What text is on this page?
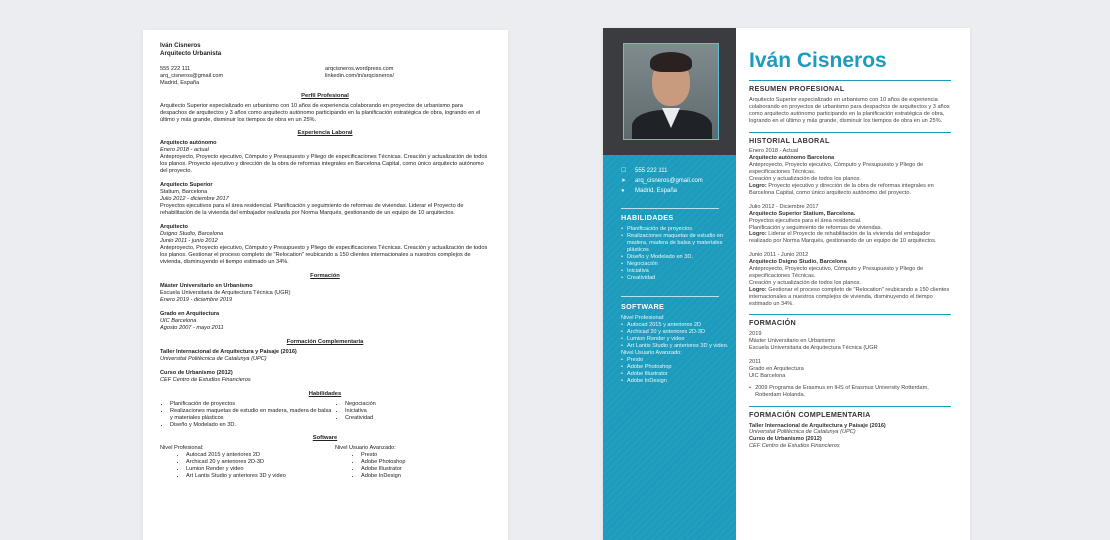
Iván Cisneros
Arquitecto Urbanista
555 222 111
arq_cisneros@gmail.com
Madrid, España
arqcisneros.wordpress.com
linkedin.com/in/arqcisneros/
Perfil Profesional
Arquitecto Superior especializado en urbanismo con 10 años de experiencia colaborando en proyectos de urbanismo para despachos de arquitectos y 3 años como arquitecto autónomo participando en la planificación estratégica de obra, logrando en el último y más grande, disminuir los tiempos de obra en un 25%.
Experiencia Laboral
Arquitecto autónomo
Enero 2018 - actual
Anteproyecto, Proyecto ejecutivo, Cómputo y Presupuesto y Pliego de especificaciones Técnicas. Creación y actualización de todos los planos. Proyecto ejecutivo y dirección de la obra de reformas integrales en Barcelona Capital, como único arquitecto autónomo del proyecto.
Arquitecto Superior
Statium, Barcelona
Julio 2012 - diciembre 2017
Proyectos ejecutivos para el área residencial. Planificación y seguimiento de reformas de viviendas. Liderar el Proyecto de rehabilitación de la vivienda del embajador realizada por Norma Marqués, gestionando de un equipo de 10 arquitectos.
Arquitecto
Dsigno Studio, Barcelona
Junio 2011 - junio 2012
Anteproyecto, Proyecto ejecutivo, Cómputo y Presupuesto y Pliego de especificaciones Técnicas. Creación y actualización de todos los planos. Gestionar el proceso completo de "Relocation" reubicando a 150 clientes internacionales a nuestros complejos de vivienda, disminuyendo el tiempo estimado un 34%.
Formación
Máster Universitario en Urbanismo
Escuela Universitaria de Arquitectura Técnica (UGR)
Enero 2019 - diciembre 2019
Grado en Arquitectura
UIC Barcelona
Agosto 2007 - mayo 2011
Formación Complementaria
Taller Internacional de Arquitectura y Paisaje (2016)
Universitat Politècnica de Catalunya (UPC)
Curso de Urbanismo (2012)
CEF Centro de Estudios Financieros
Habilidades
• Planificación de proyectos
• Realizaciones maquetas de estudio en madera, madera de balsa y materiales plásticos
• Diseño y Modelado en 3D.
• Negociación
• Iniciativa
• Creatividad
Software
Nivel Profesional:
• Autocad 2015 y anteriores 2D
• Archicad 20 y anteriores 2D-3D
• Lumion Render y video
• Art Lantis Studio y anteriores 3D y video
Nivel Usuario Avanzado:
• Presto
• Adobe Photoshop
• Adobe Illustrator
• Adobe InDesign
☐	555 222 111
➤	arq_cisneros@gmail.com
●	Madrid, España
HABILIDADES
• Planificación de proyectos
• Realizaciones maquetas de estudio en madera, madera de balsa y materiales plásticos
• Diseño y Modelado en 3D.
• Negociación
• Iniciativa
• Creatividad
SOFTWARE
Nivel Profesional:
• Autocad 2015 y anteriores 2D
• Archicad 20 y anteriores 2D-3D
• Lumion Render y video
• Art Lantis Studio y anteriores 3D y video.
Nivel Usuario Avanzado:
• Presto
• Adobe Photoshop
• Adobe Illustrator
• Adobe InDesign
Iván Cisneros
RESUMEN PROFESIONAL
Arquitecto Superior especializado en urbanismo con 10 años de experiencia colaborando en proyectos de urbanismo para despachos de arquitectos y 3 años como arquitecto autónomo participando en la planificación estratégica de obra, logrando en el último y más grande, disminuir los tiempos de obra en un 25%.
HISTORIAL LABORAL
Enero 2018 - Actual
Arquitecto autónomo Barcelona
Anteproyecto, Proyecto ejecutivo, Cómputo y Presupuesto y Pliego de especificaciones Técnicas.
Creación y actualización de todos los planos.
Logro: Proyecto ejecutivo y dirección de la obra de reformas integrales en Barcelona Capital, como único arquitecto autónomo del proyecto.
Julio 2012 - Diciembre 2017
Arquitecto Superior Statium, Barcelona.
Proyectos ejecutivos para el área residencial.
Planificación y seguimiento de reformas de viviendas.
Logro: Liderar el Proyecto de rehabilitación de la vivienda del embajador realizado por Norma Marqués, gestionando de un equipo de 10 arquitectos.
Junio 2011 - Junio 2012
Arquitecto Dsigno Studio, Barcelona
Anteproyecto, Proyecto ejecutivo, Cómputo y Presupuesto y Pliego de especificaciones Técnicas.
Creación y actualización de todos los planos.
Logro: Gestionar el proceso completo de "Relocation" reubicando a 150 clientes internacionales a nuestros complejos de vivienda, disminuyendo el tiempo estimado un 34%.
FORMACIÓN
2019
Máster Universitario en Urbanismo
Escuela Universitaria de Arquitectura Técnica (UGR
2011
Grado en Arquitectura
UIC Barcelona
• 2009 Programa de Erasmus en IHS of Erasmus University Rotterdam, Rotterdam Holanda.
FORMACIÓN COMPLEMENTARIA
Taller Internacional de Arquitectura y Paisaje (2016)
Universitat Politècnica de Catalunya (UPC)
Curso de Urbanismo (2012)
CEF Centro de Estudios Financieros
